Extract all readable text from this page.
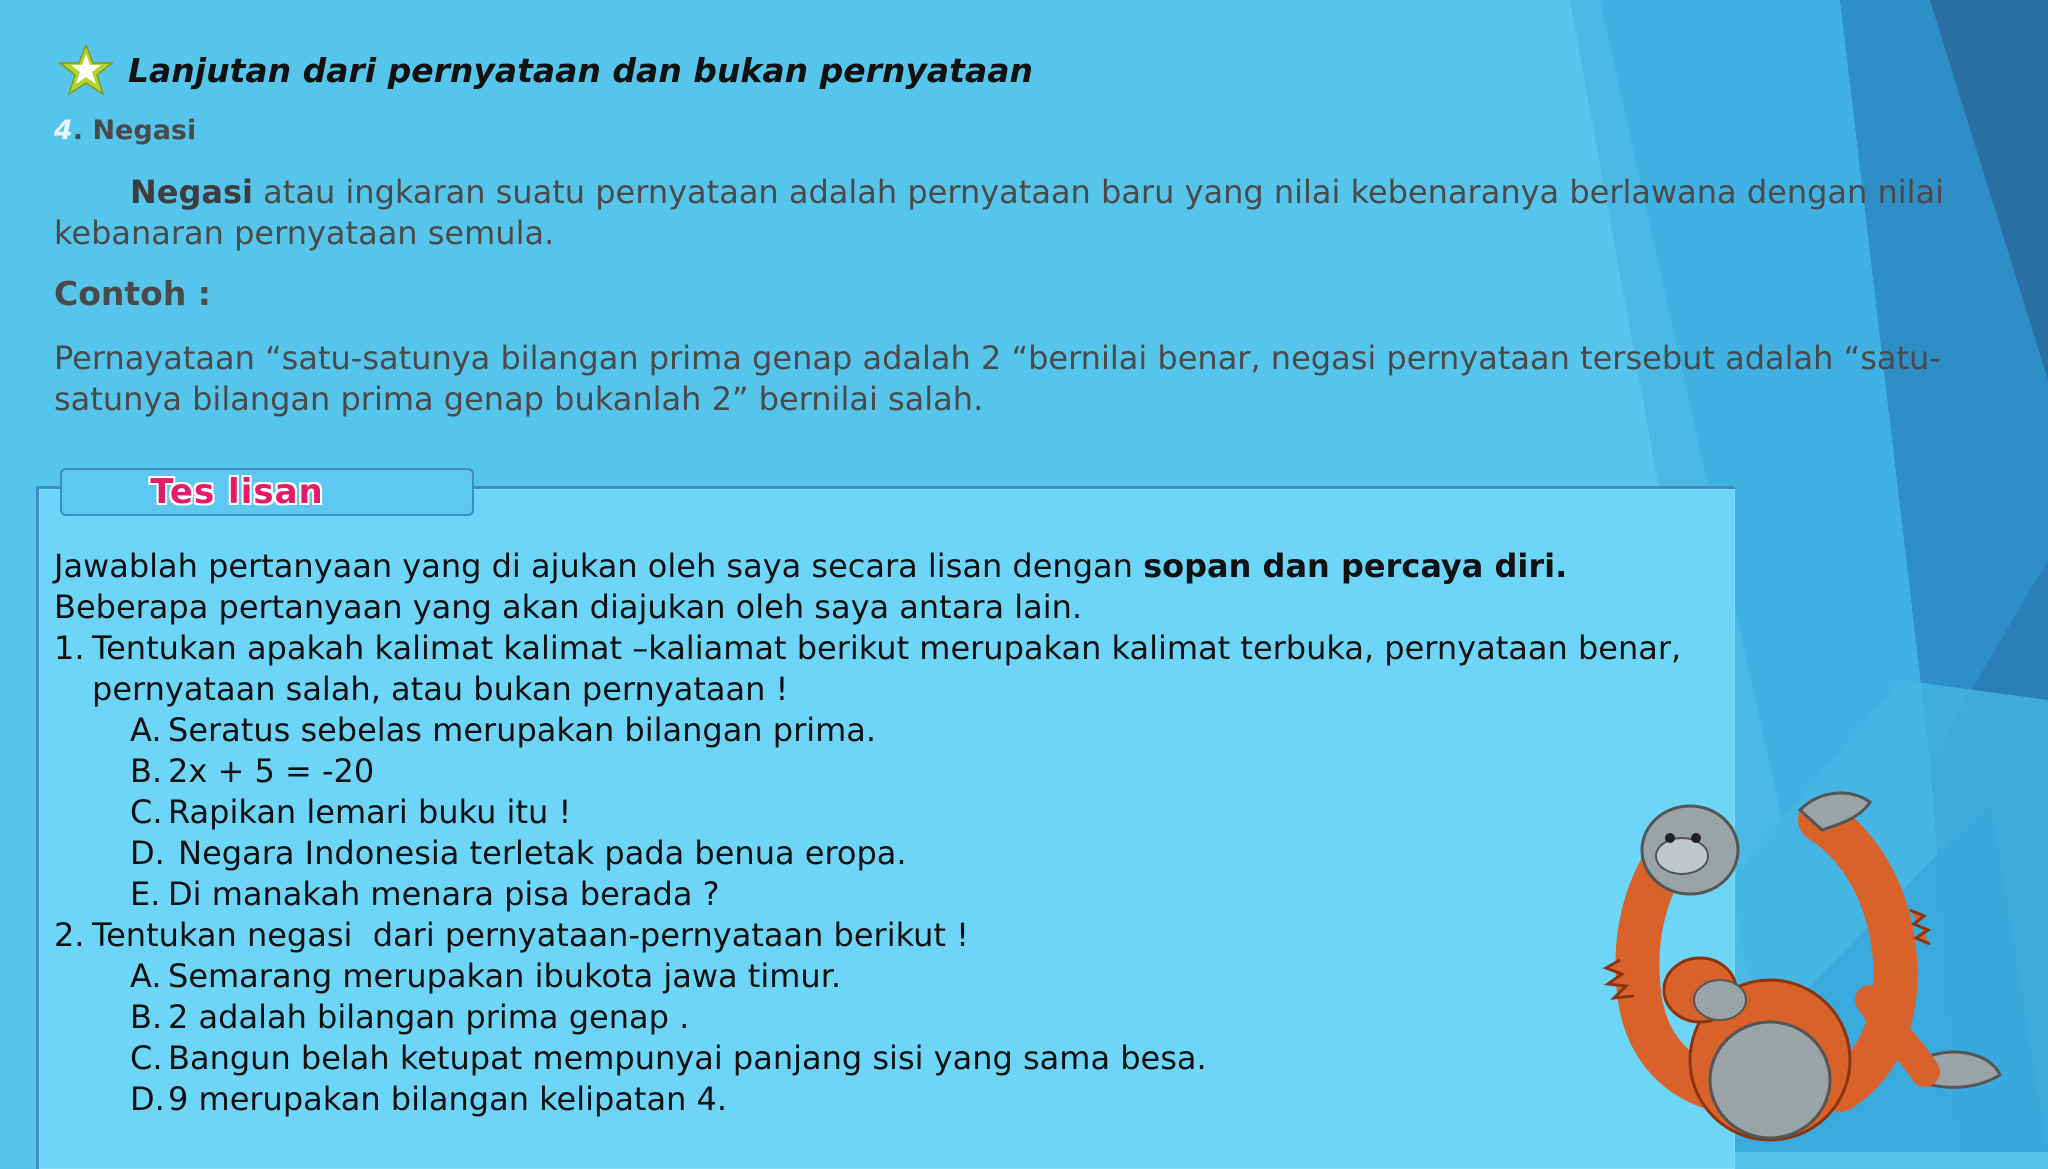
Lanjutan dari pernyataan dan bukan pernyataan
4. Negasi
Negasi atau ingkaran suatu pernyataan adalah pernyataan baru yang nilai kebenaranya berlawana dengan nilai kebanaran pernyataan semula.
Contoh :
Pernayataan “satu-satunya bilangan prima genap adalah 2 “bernilai benar, negasi pernyataan tersebut adalah “satu-satunya bilangan prima genap bukanlah 2” bernilai salah.
Tes lisan

Jawablah pertanyaan yang di ajukan oleh saya secara lisan dengan sopan dan percaya diri. Beberapa pertanyaan yang akan diajukan oleh saya antara lain.

1. Tentukan apakah kalimat kalimat –kaliamat berikut merupakan kalimat terbuka, pernyataan benar, pernyataan salah, atau bukan pernyataan !
A. Seratus sebelas merupakan bilangan prima.
B. 2x + 5 = -20
C. Rapikan lemari buku itu !
D. Negara Indonesia terletak pada benua eropa.
E. Di manakah menara pisa berada ?
2. Tentukan negasi  dari pernyataan-pernyataan berikut !
A. Semarang merupakan ibukota jawa timur.
B. 2 adalah bilangan prima genap .
C. Bangun belah ketupat mempunyai panjang sisi yang sama besa.
D. 9 merupakan bilangan kelipatan 4.
